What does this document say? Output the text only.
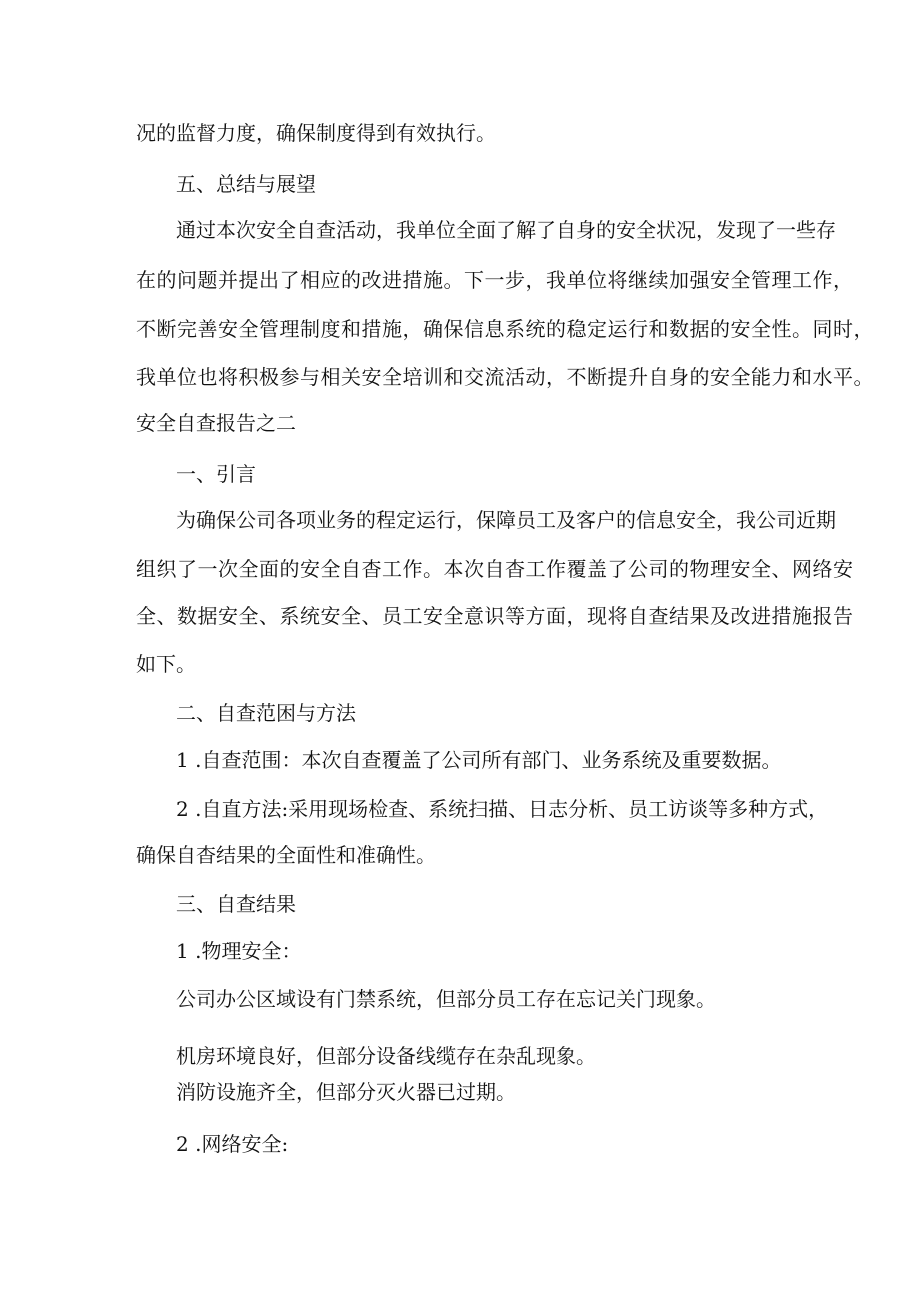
况的监督力度，确保制度得到有效执行。

五、总结与展望

通过本次安全自查活动，我单位全面了解了自身的安全状况，发现了一些存

在的问题并提出了相应的改进措施。下一步，我单位将继续加强安全管理工作，

不断完善安全管理制度和措施，确保信息系统的稳定运行和数据的安全性。同时，

我单位也将积极参与相关安全培训和交流活动，不断提升自身的安全能力和水平。

安全自查报告之二

一、引言

为确保公司各项业务的程定运行，保障员工及客户的信息安全，我公司近期

组织了一次全面的安全自杳工作。本次自杳工作覆盖了公司的物理安全、网络安

全、数据安全、系统安全、员工安全意识等方面，现将自查结果及改进措施报告

如下。

二、自查范困与方法

1 .自查范围：本次自查覆盖了公司所有部门、业务系统及重要数据。

2 .自直方法:采用现场检查、系统扫描、日志分析、员工访谈等多种方式，

确保自杳结果的全面性和准确性。

三、自查结果

1 .物理安全：

公司办公区域设有门禁系统，但部分员工存在忘记关门现象。

机房环境良好，但部分设备线缆存在杂乱现象。

消防设施齐全，但部分灭火器已过期。

2 .网络安全:
